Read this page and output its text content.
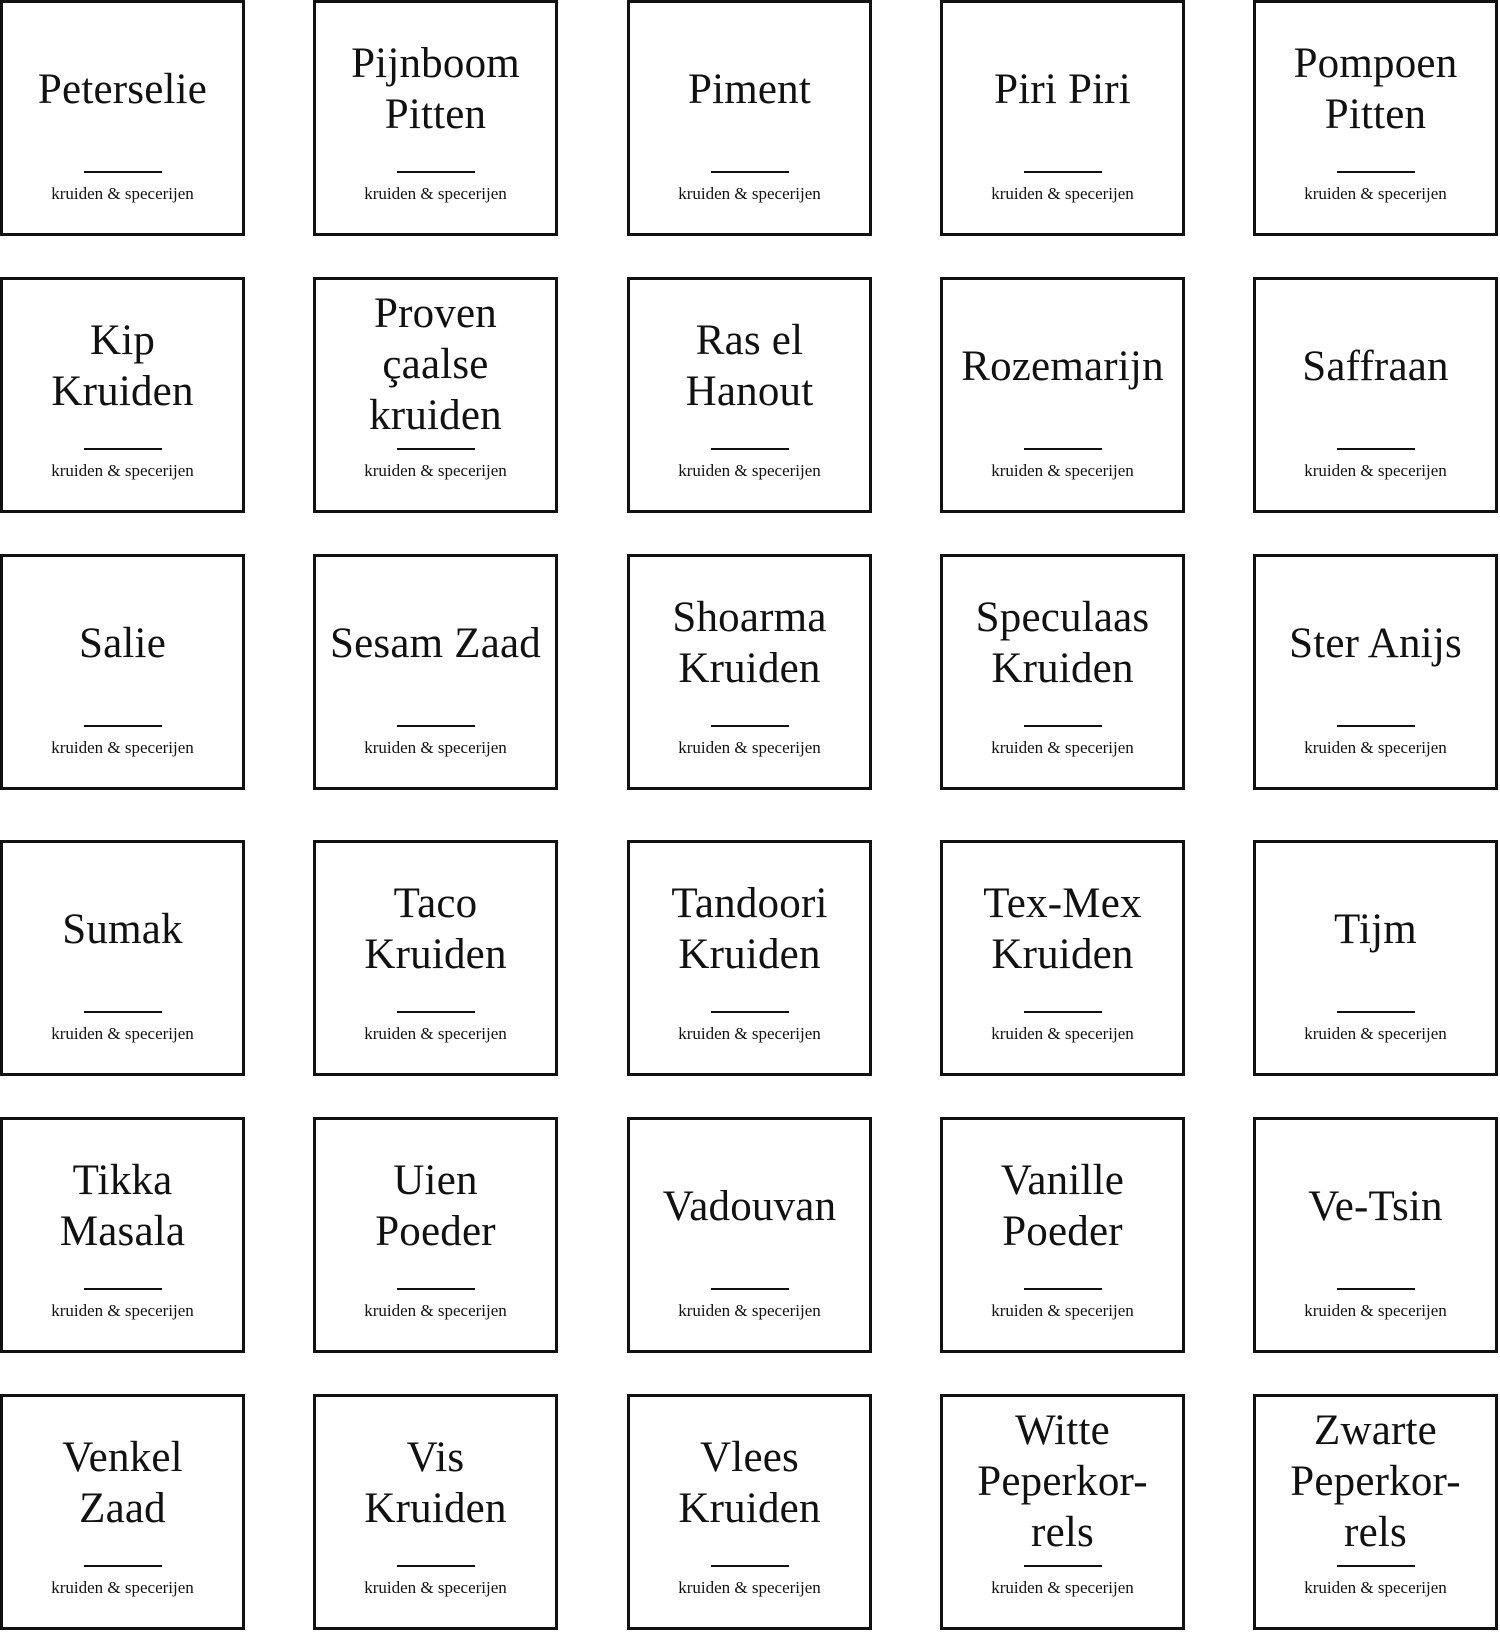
Peterselie
kruiden & specerijen
Pijnboom
Pitten
kruiden & specerijen
Piment
kruiden & specerijen
Piri Piri
kruiden & specerijen
Pompoen
Pitten
kruiden & specerijen
Kip
Kruiden
kruiden & specerijen
Proven
çaalse
kruiden
kruiden & specerijen
Ras el
Hanout
kruiden & specerijen
Rozemarijn
kruiden & specerijen
Saffraan
kruiden & specerijen
Salie
kruiden & specerijen
Sesam Zaad
kruiden & specerijen
Shoarma
Kruiden
kruiden & specerijen
Speculaas
Kruiden
kruiden & specerijen
Ster Anijs
kruiden & specerijen
Sumak
kruiden & specerijen
Taco
Kruiden
kruiden & specerijen
Tandoori
Kruiden
kruiden & specerijen
Tex-Mex
Kruiden
kruiden & specerijen
Tijm
kruiden & specerijen
Tikka
Masala
kruiden & specerijen
Uien
Poeder
kruiden & specerijen
Vadouvan
kruiden & specerijen
Vanille
Poeder
kruiden & specerijen
Ve-Tsin
kruiden & specerijen
Venkel
Zaad
kruiden & specerijen
Vis
Kruiden
kruiden & specerijen
Vlees
Kruiden
kruiden & specerijen
Witte
Peperkor-
rels
kruiden & specerijen
Zwarte
Peperkor-
rels
kruiden & specerijen
